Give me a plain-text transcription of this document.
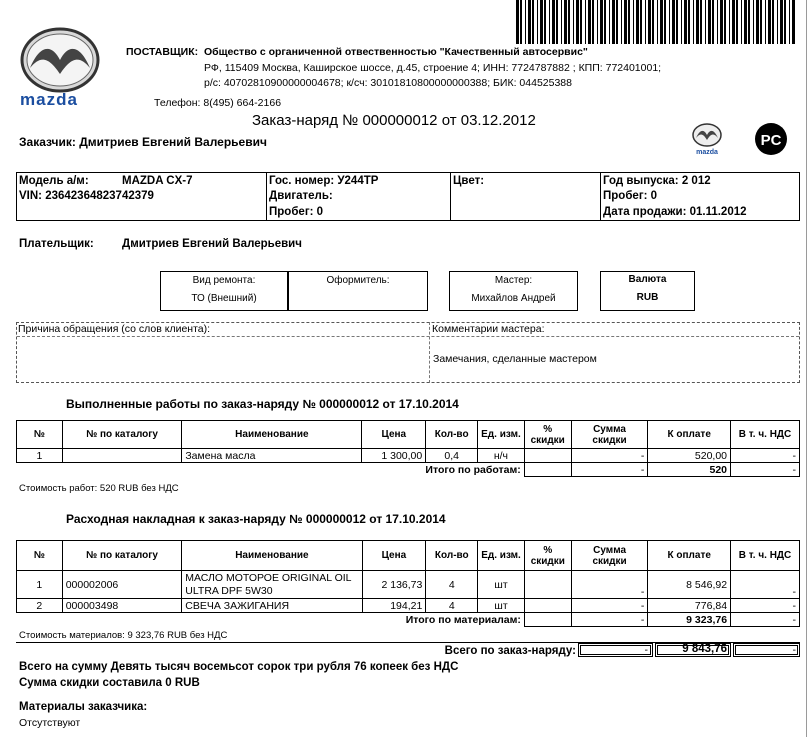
mazda
ПОСТАВЩИК: Общество с органиченной отвественностью "Качественный автосервис"
РФ, 115409 Москва, Каширское шоссе, д.45, строение 4; ИНН: 7724787882 ; КПП: 772401001;
р/с: 40702810900000004678; к/сч: 30101810800000000388; БИК: 044525388
Телефон: 8(495) 664-2166
Заказ-наряд № 000000012 от 03.12.2012
Заказчик: Дмитриев Евгений Валерьевич
mazda
PC
Модель а/м:	MAZDA CX-7
VIN: 23642364823742379
Гос. номер: У244ТР
Двигатель:
Пробег: 0
Цвет:	Год выпуска: 2 012
Пробег: 0
Дата продажи: 01.11.2012
Плательщик: Дмитриев Евгений Валерьевич
Вид ремонта:
ТО (Внешний)
Оформитель:	Мастер:
Михайлов Андрей
Валюта
RUB
Причина обращения (со слов клиента):	Комментарии мастера:
Замечания, сделанные мастером
Выполненные работы по заказ-наряду № 000000012 от 17.10.2014
№	№ по каталогу	Наименование	Цена	Кол-во	Ед. изм.	% скидки	Сумма скидки	К оплате	В т. ч. НДС
1		Замена масла	1 300,00	0,4	н/ч		-	520,00	-
Итого по работам:							-	520	-
Стоимость работ: 520 RUB без НДС
Расходная накладная к заказ-наряду № 000000012 от 17.10.2014
№	№ по каталогу	Наименование	Цена	Кол-во	Ед. изм.	% скидки	Сумма скидки	К оплате	В т. ч. НДС
1	000002006	МАСЛО МОТОРОЕ ORIGINAL OIL ULTRA DPF 5W30	2 136,73	4	шт		-	8 546,92	-
2	000003498	СВЕЧА ЗАЖИГАНИЯ	194,21	4	шт		-	776,84	-
Итого по материалам:							-	9 323,76	-
Стоимость материалов: 9 323,76 RUB без НДС
Всего по заказ-наряду:	-	9 843,76	-
Всего на сумму Девять тысяч восемьсот сорок три рубля 76 копеек без НДС
Сумма скидки составила 0 RUB
Материалы заказчика:
Отсутствуют
